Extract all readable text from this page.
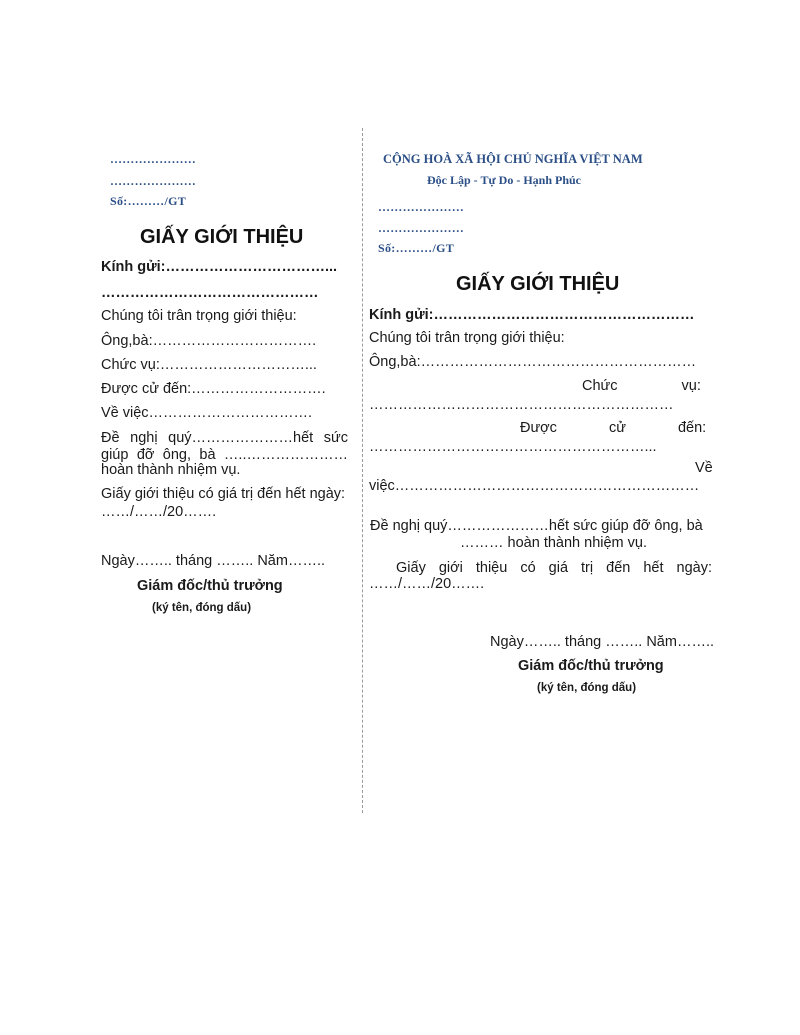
…………………
…………………
Số:………/GT
GIẤY GIỚI THIỆU
Kính gửi:……………………………...
………………………………………
Chúng tôi trân trọng giới thiệu:
Ông,bà:…………………………….
Chức vụ:…………………………...
Được cử đến:……………………….
Về việc…………………………….
Đề nghị quý…………………hết sức
giúp đỡ ông, bà …..…………………
hoàn thành nhiệm vụ.
Giấy giới thiệu có giá trị đến hết ngày:
……/……/20…….
Ngày…….. tháng …….. Năm……..
Giám đốc/thủ trưởng
(ký tên, đóng dấu)
CỘNG HOÀ XÃ HỘI CHỦ NGHĨA VIỆT NAM
Độc Lập - Tự Do - Hạnh Phúc
…………………
…………………
Số:………/GT
GIẤY GIỚI THIỆU
Kính gửi:………………………………………………
Chúng tôi trân trọng giới thiệu:
Ông,bà:…………………………………………………
Chức vụ:
………………………………………………………
Được cử đến:
…………………………………………………...
Về
việc………………………………………………………
Đề nghị quý…………………hết sức giúp đỡ ông, bà
……… hoàn thành nhiệm vụ.
Giấy giới thiệu có giá trị đến hết ngày:
……/……/20…….
Ngày…….. tháng …….. Năm……..
Giám đốc/thủ trưởng
(ký tên, đóng dấu)
